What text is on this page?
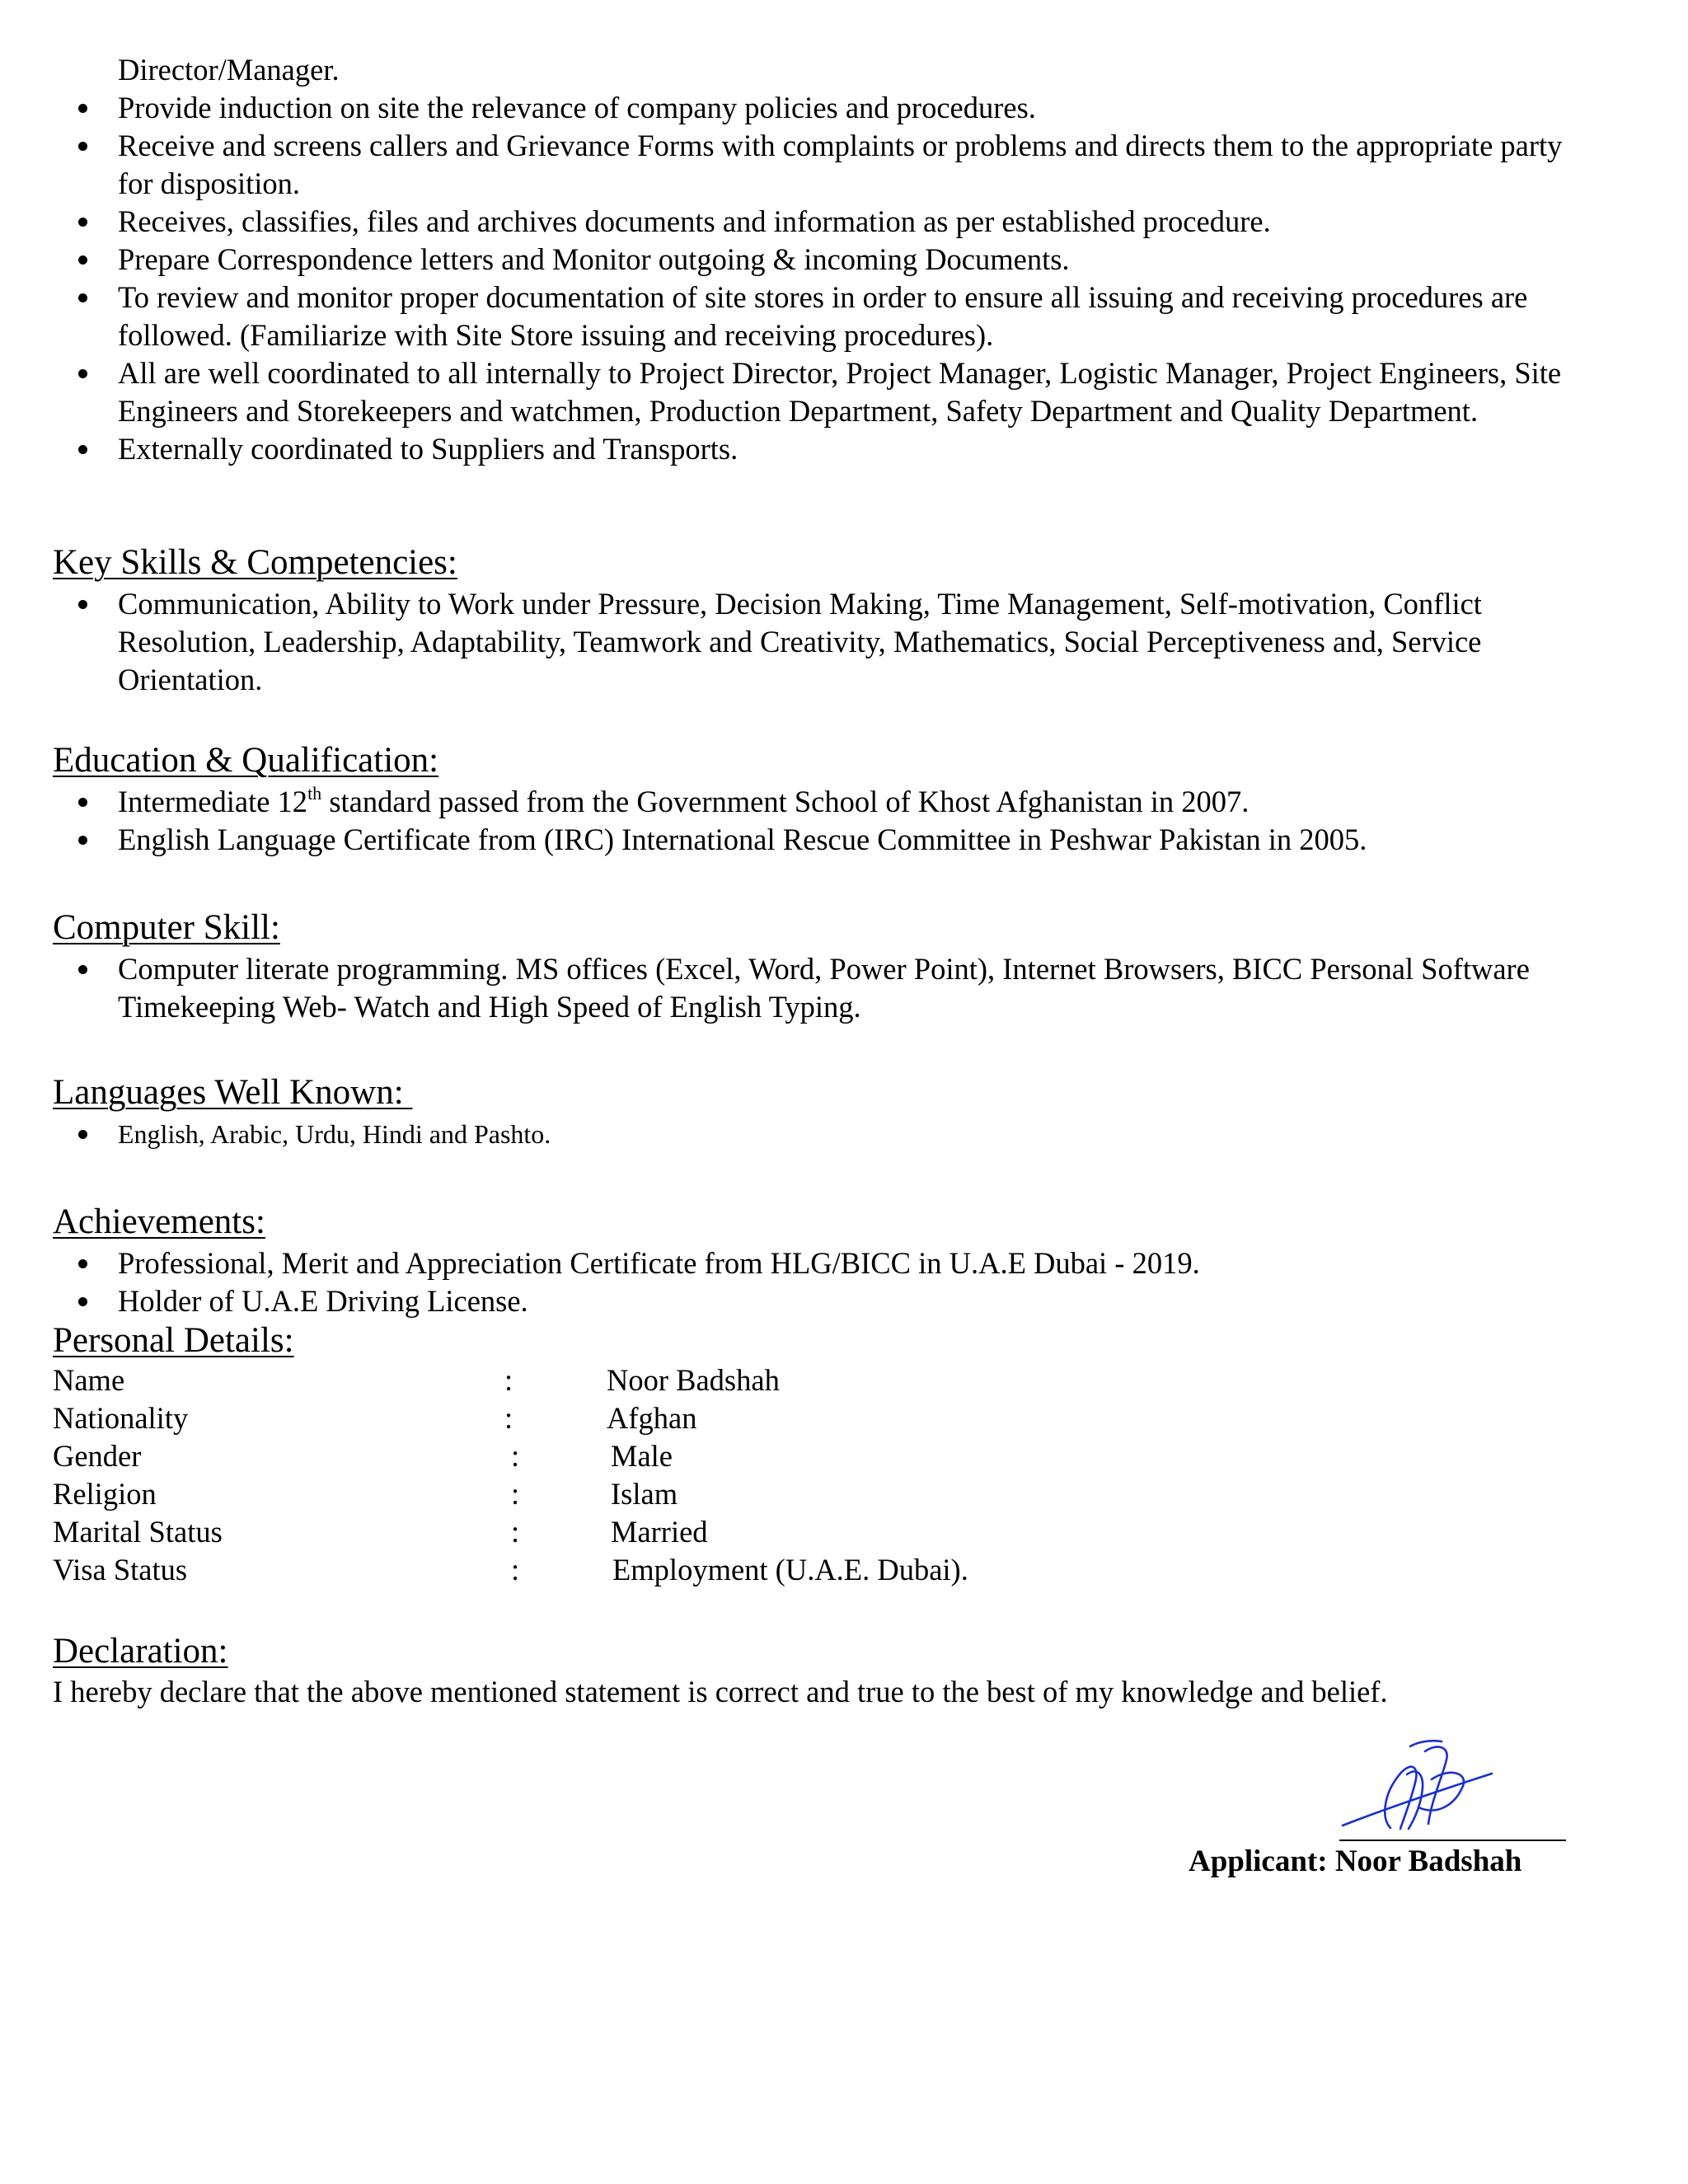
Director/Manager.

Provide induction on site the relevance of company policies and procedures.
Receive and screens callers and Grievance Forms with complaints or problems and directs them to the appropriate party for disposition.
Receives, classifies, files and archives documents and information as per established procedure.
Prepare Correspondence letters and Monitor outgoing & incoming Documents.
To review and monitor proper documentation of site stores in order to ensure all issuing and receiving procedures are followed. (Familiarize with Site Store issuing and receiving procedures).
All are well coordinated to all internally to Project Director, Project Manager, Logistic Manager, Project Engineers, Site Engineers and Storekeepers and watchmen, Production Department, Safety Department and Quality Department.
Externally coordinated to Suppliers and Transports.
Key Skills & Competencies:
Communication, Ability to Work under Pressure, Decision Making, Time Management, Self-motivation, Conflict Resolution, Leadership, Adaptability, Teamwork and Creativity, Mathematics, Social Perceptiveness and, Service Orientation.
Education & Qualification:
Intermediate 12th standard passed from the Government School of Khost Afghanistan in 2007.
English Language Certificate from (IRC) International Rescue Committee in Peshwar Pakistan in 2005.
Computer Skill:
Computer literate programming. MS offices (Excel, Word, Power Point), Internet Browsers, BICC Personal Software Timekeeping Web- Watch and High Speed of English Typing.
Languages Well Known:
English, Arabic, Urdu, Hindi and Pashto.
Achievements:
Professional, Merit and Appreciation Certificate from HLG/BICC in U.A.E Dubai - 2019.
Holder of U.A.E Driving License.
Personal Details:
Name	:	Noor Badshah
Nationality	:	Afghan
Gender	:	Male
Religion	:	Islam
Marital Status	:	Married
Visa Status	:	Employment (U.A.E. Dubai).
Declaration:

I hereby declare that the above mentioned statement is correct and true to the best of my knowledge and belief.

Applicant: Noor Badshah
